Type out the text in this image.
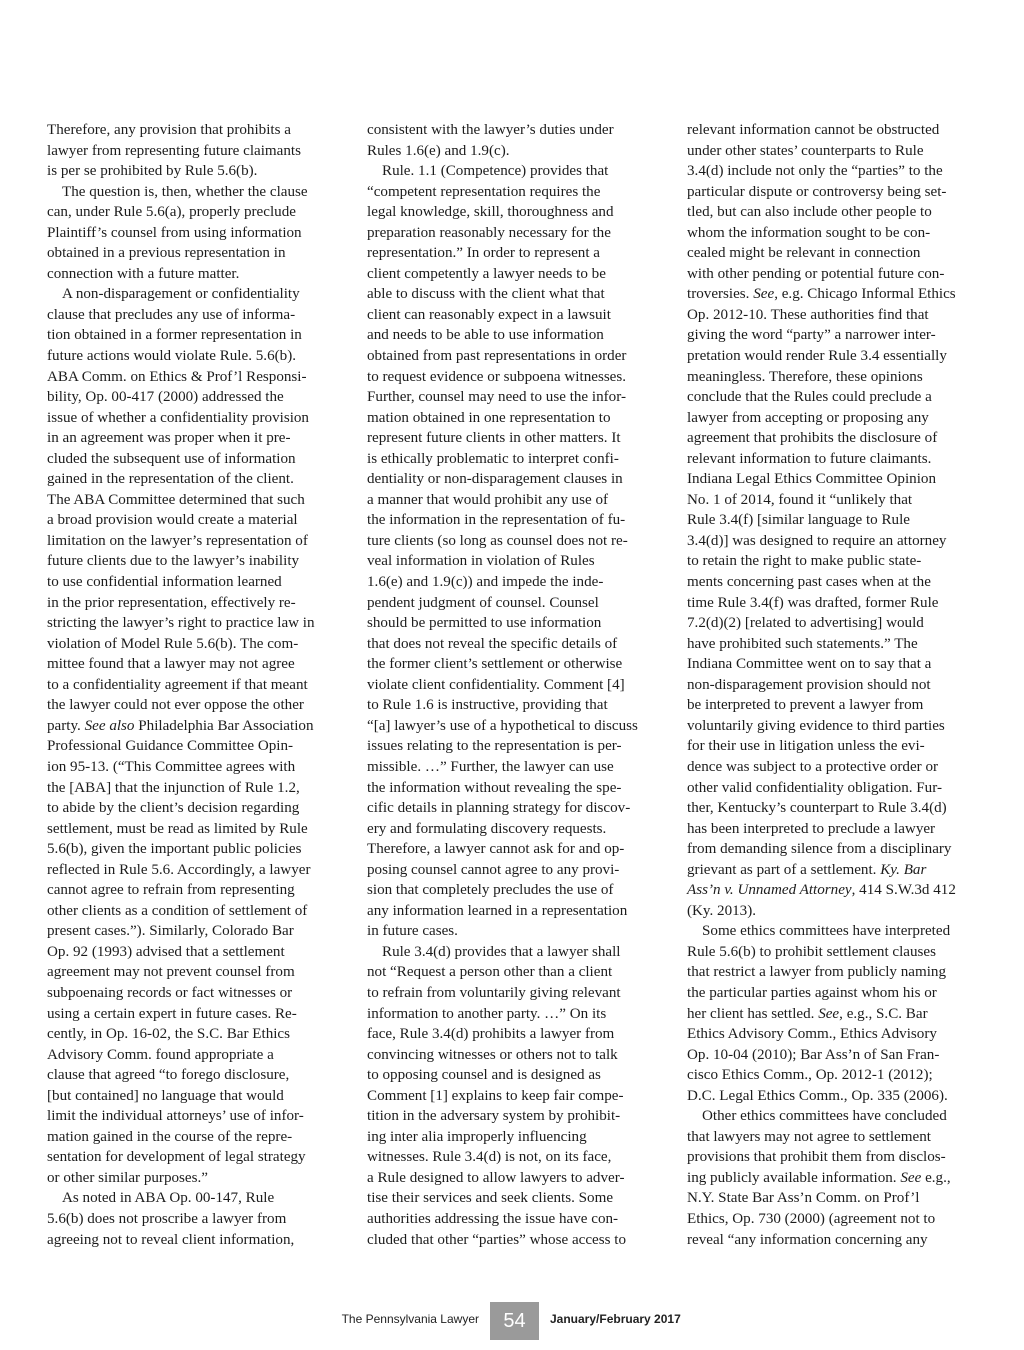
Therefore, any provision that prohibits a
lawyer from representing future claimants
is per se prohibited by Rule 5.6(b).
The question is, then, whether the clause
can, under Rule 5.6(a), properly preclude
Plaintiff’s counsel from using information
obtained in a previous representation in
connection with a future matter.
A non-disparagement or confidentiality
clause that precludes any use of informa-
tion obtained in a former representation in
future actions would violate Rule. 5.6(b).
ABA Comm. on Ethics & Prof’l Responsi-
bility, Op. 00-417 (2000) addressed the
issue of whether a confidentiality provision
in an agreement was proper when it pre-
cluded the subsequent use of information
gained in the representation of the client.
The ABA Committee determined that such
a broad provision would create a material
limitation on the lawyer’s representation of
future clients due to the lawyer’s inability
to use confidential information learned
in the prior representation, effectively re-
stricting the lawyer’s right to practice law in
violation of Model Rule 5.6(b). The com-
mittee found that a lawyer may not agree
to a confidentiality agreement if that meant
the lawyer could not ever oppose the other
party. See also Philadelphia Bar Association
Professional Guidance Committee Opin-
ion 95-13. (“This Committee agrees with
the [ABA] that the injunction of Rule 1.2,
to abide by the client’s decision regarding
settlement, must be read as limited by Rule
5.6(b), given the important public policies
reflected in Rule 5.6. Accordingly, a lawyer
cannot agree to refrain from representing
other clients as a condition of settlement of
present cases.”). Similarly, Colorado Bar
Op. 92 (1993) advised that a settlement
agreement may not prevent counsel from
subpoenaing records or fact witnesses or
using a certain expert in future cases. Re-
cently, in Op. 16-02, the S.C. Bar Ethics
Advisory Comm. found appropriate a
clause that agreed “to forego disclosure,
[but contained] no language that would
limit the individual attorneys’ use of infor-
mation gained in the course of the repre-
sentation for development of legal strategy
or other similar purposes.”
As noted in ABA Op. 00-147, Rule
5.6(b) does not proscribe a lawyer from
agreeing not to reveal client information,
consistent with the lawyer’s duties under
Rules 1.6(e) and 1.9(c).
Rule. 1.1 (Competence) provides that
“competent representation requires the
legal knowledge, skill, thoroughness and
preparation reasonably necessary for the
representation.” In order to represent a
client competently a lawyer needs to be
able to discuss with the client what that
client can reasonably expect in a lawsuit
and needs to be able to use information
obtained from past representations in order
to request evidence or subpoena witnesses.
Further, counsel may need to use the infor-
mation obtained in one representation to
represent future clients in other matters. It
is ethically problematic to interpret confi-
dentiality or non-disparagement clauses in
a manner that would prohibit any use of
the information in the representation of fu-
ture clients (so long as counsel does not re-
veal information in violation of Rules
1.6(e) and 1.9(c)) and impede the inde-
pendent judgment of counsel. Counsel
should be permitted to use information
that does not reveal the specific details of
the former client’s settlement or otherwise
violate client confidentiality. Comment [4]
to Rule 1.6 is instructive, providing that
“[a] lawyer’s use of a hypothetical to discuss
issues relating to the representation is per-
missible. …” Further, the lawyer can use
the information without revealing the spe-
cific details in planning strategy for discov-
ery and formulating discovery requests.
Therefore, a lawyer cannot ask for and op-
posing counsel cannot agree to any provi-
sion that completely precludes the use of
any information learned in a representation
in future cases.
Rule 3.4(d) provides that a lawyer shall
not “Request a person other than a client
to refrain from voluntarily giving relevant
information to another party. …” On its
face, Rule 3.4(d) prohibits a lawyer from
convincing witnesses or others not to talk
to opposing counsel and is designed as
Comment [1] explains to keep fair compe-
tition in the adversary system by prohibit-
ing inter alia improperly influencing
witnesses. Rule 3.4(d) is not, on its face,
a Rule designed to allow lawyers to adver-
tise their services and seek clients. Some
authorities addressing the issue have con-
cluded that other “parties” whose access to
relevant information cannot be obstructed
under other states’ counterparts to Rule
3.4(d) include not only the “parties” to the
particular dispute or controversy being set-
tled, but can also include other people to
whom the information sought to be con-
cealed might be relevant in connection
with other pending or potential future con-
troversies. See, e.g. Chicago Informal Ethics
Op. 2012-10. These authorities find that
giving the word “party” a narrower inter-
pretation would render Rule 3.4 essentially
meaningless. Therefore, these opinions
conclude that the Rules could preclude a
lawyer from accepting or proposing any
agreement that prohibits the disclosure of
relevant information to future claimants.
Indiana Legal Ethics Committee Opinion
No. 1 of 2014, found it “unlikely that
Rule 3.4(f) [similar language to Rule
3.4(d)] was designed to require an attorney
to retain the right to make public state-
ments concerning past cases when at the
time Rule 3.4(f) was drafted, former Rule
7.2(d)(2) [related to advertising] would
have prohibited such statements.” The
Indiana Committee went on to say that a
non-disparagement provision should not
be interpreted to prevent a lawyer from
voluntarily giving evidence to third parties
for their use in litigation unless the evi-
dence was subject to a protective order or
other valid confidentiality obligation. Fur-
ther, Kentucky’s counterpart to Rule 3.4(d)
has been interpreted to preclude a lawyer
from demanding silence from a disciplinary
grievant as part of a settlement. Ky. Bar
Ass’n v. Unnamed Attorney, 414 S.W.3d 412
(Ky. 2013).
Some ethics committees have interpreted
Rule 5.6(b) to prohibit settlement clauses
that restrict a lawyer from publicly naming
the particular parties against whom his or
her client has settled. See, e.g., S.C. Bar
Ethics Advisory Comm., Ethics Advisory
Op. 10-04 (2010); Bar Ass’n of San Fran-
cisco Ethics Comm., Op. 2012-1 (2012);
D.C. Legal Ethics Comm., Op. 335 (2006).
Other ethics committees have concluded
that lawyers may not agree to settlement
provisions that prohibit them from disclos-
ing publicly available information. See e.g.,
N.Y. State Bar Ass’n Comm. on Prof’l
Ethics, Op. 730 (2000) (agreement not to
reveal “any information concerning any
The Pennsylvania Lawyer	54	January/February 2017
